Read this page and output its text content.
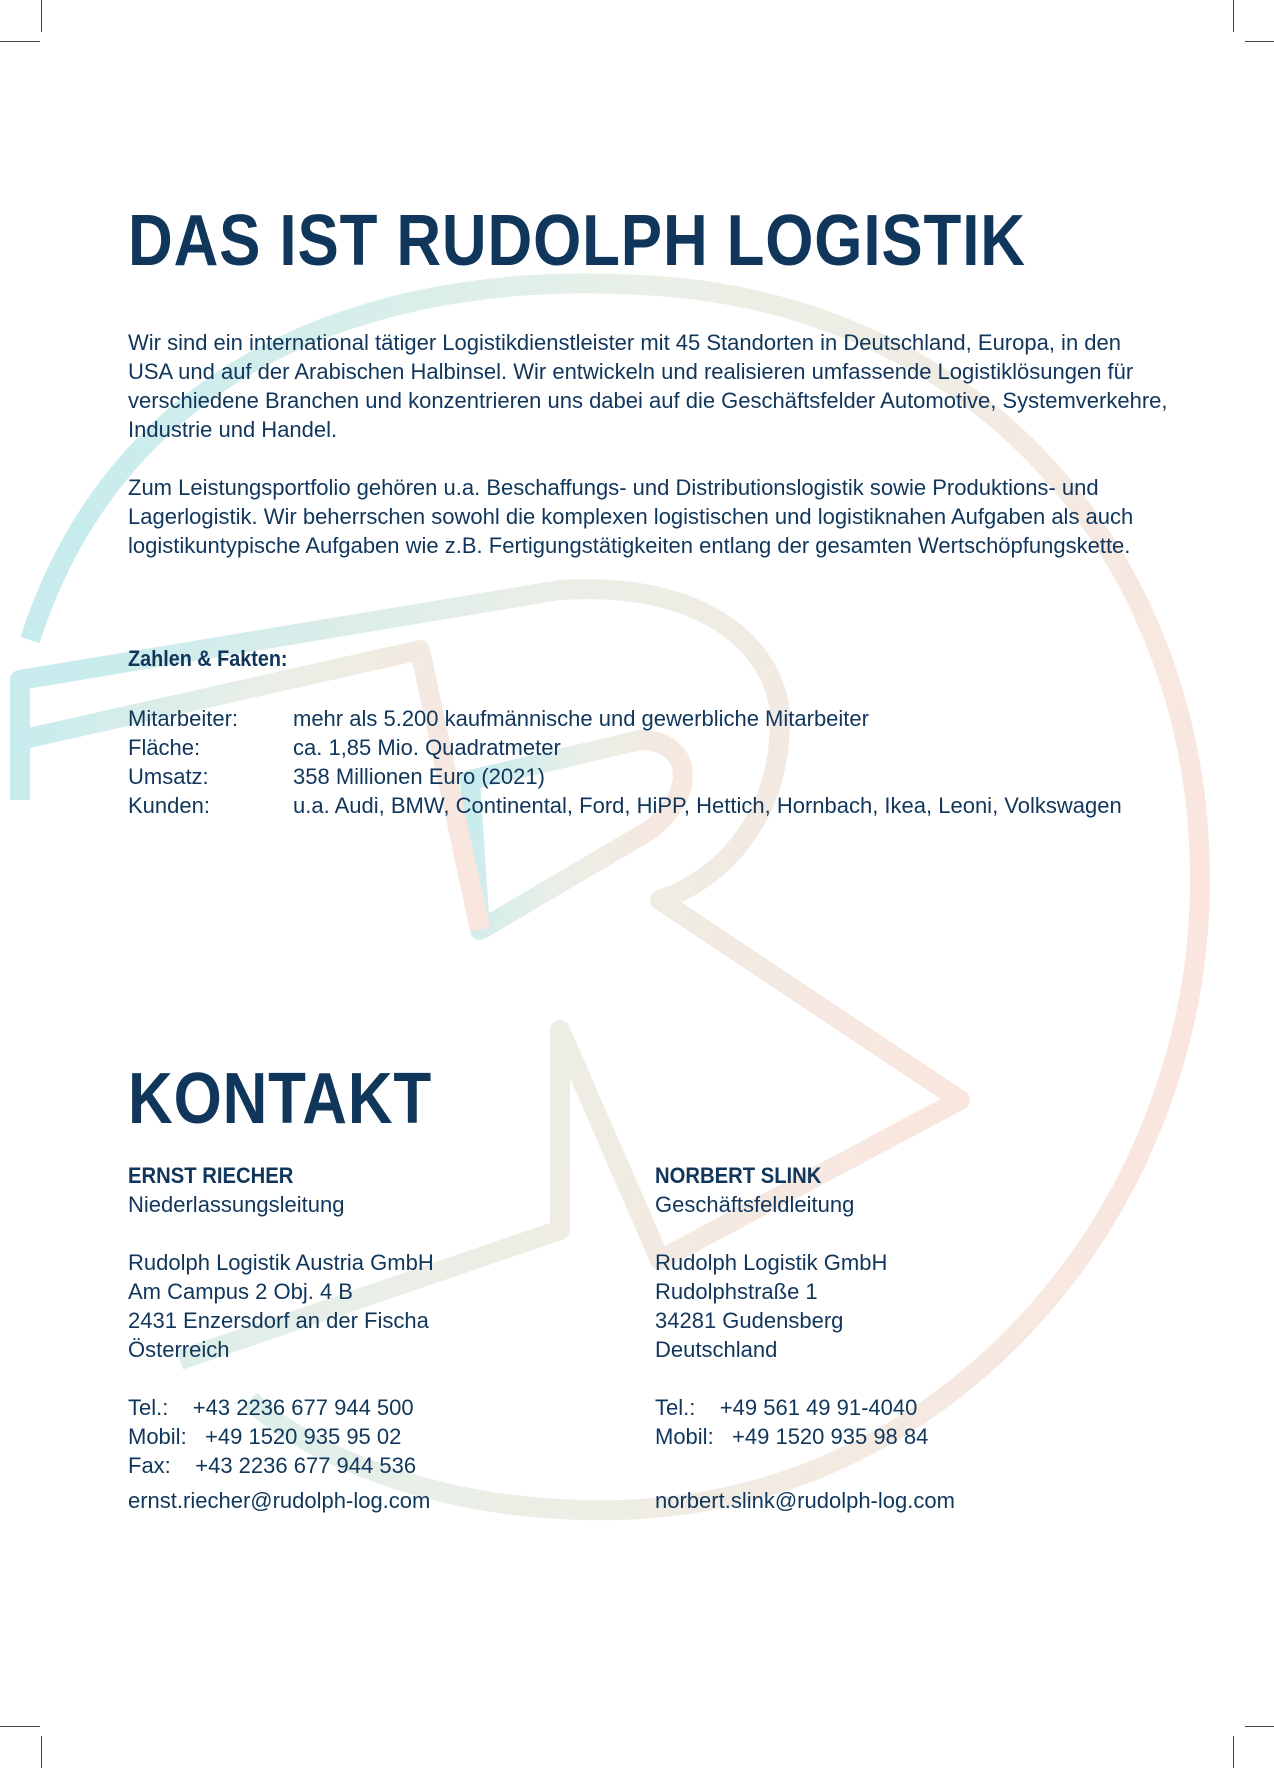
DAS IST RUDOLPH LOGISTIK

Wir sind ein international tätiger Logistikdienstleister mit 45 Standorten in Deutschland, Europa, in den USA und auf der Arabischen Halbinsel. Wir entwickeln und realisieren umfassende Logistiklösungen für verschiedene Branchen und konzentrieren uns dabei auf die Geschäftsfelder Automotive, Systemverkehre, Industrie und Handel.

Zum Leistungsportfolio gehören u.a. Beschaffungs- und Distributionslogistik sowie Produktions- und Lagerlogistik. Wir beherrschen sowohl die komplexen logistischen und logistiknahen Aufgaben als auch logistikuntypische Aufgaben wie z.B. Fertigungstätigkeiten entlang der gesamten Wertschöpfungskette.

Zahlen & Fakten:
Mitarbeiter:	mehr als 5.200 kaufmännische und gewerbliche Mitarbeiter
Fläche:	ca. 1,85 Mio. Quadratmeter
Umsatz:	358 Millionen Euro (2021)
Kunden:	u.a. Audi, BMW, Continental, Ford, HiPP, Hettich, Hornbach, Ikea, Leoni, Volkswagen
KONTAKT
ERNST RIECHER
Niederlassungsleitung
Rudolph Logistik Austria GmbH
Am Campus 2 Obj. 4 B
2431 Enzersdorf an der Fischa
Österreich
Tel.:    +43 2236 677 944 500
Mobil:   +49 1520 935 95 02
Fax:    +43 2236 677 944 536
ernst.riecher@rudolph-log.com
NORBERT SLINK
Geschäftsfeldleitung
Rudolph Logistik GmbH
Rudolphstraße 1
34281 Gudensberg
Deutschland
Tel.:    +49 561 49 91-4040
Mobil:   +49 1520 935 98 84

norbert.slink@rudolph-log.com
